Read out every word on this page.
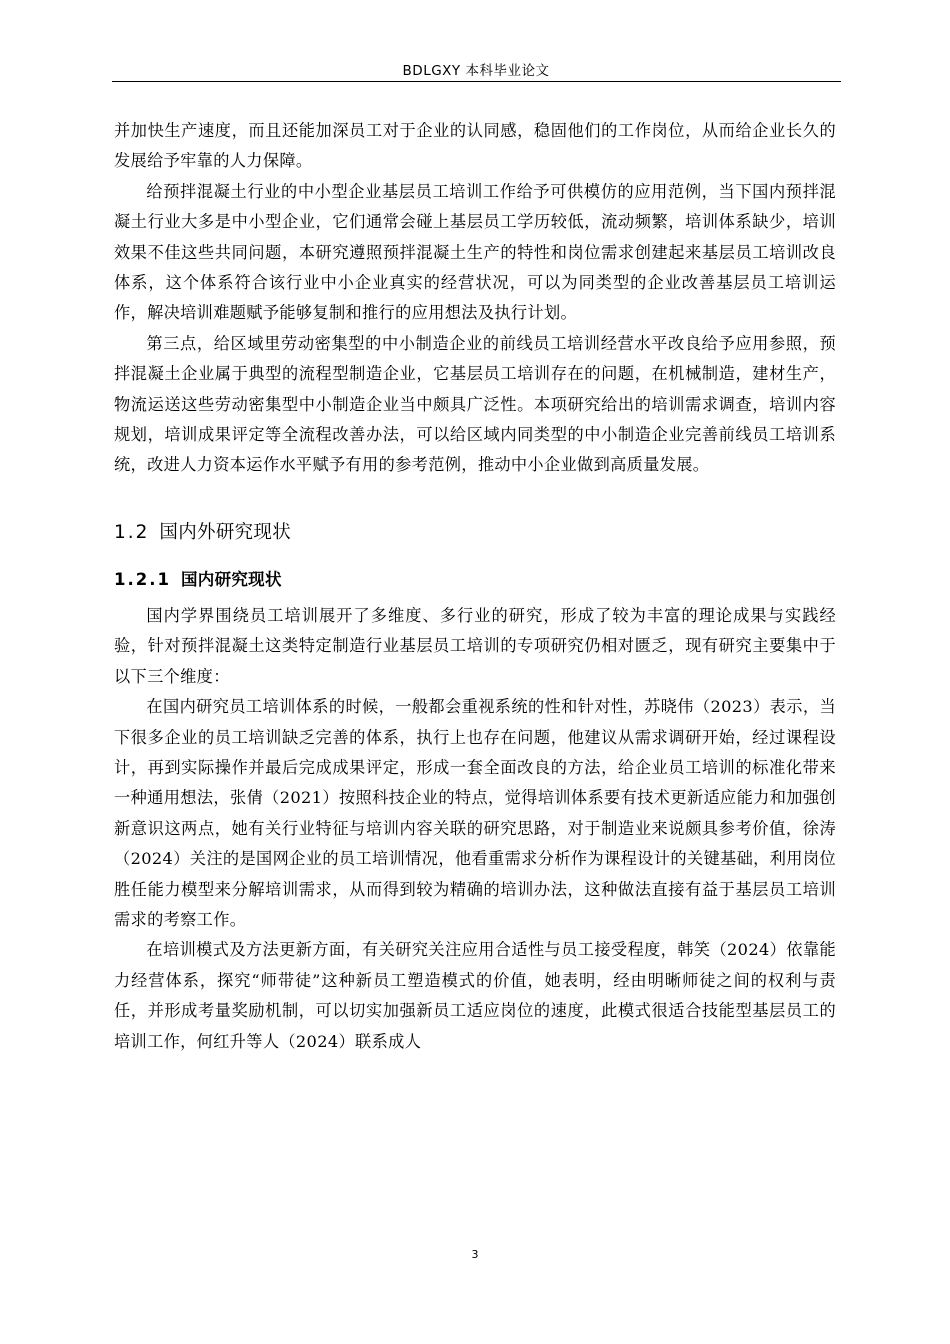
BDLGXY 本科毕业论文

并加快生产速度，而且还能加深员工对于企业的认同感，稳固他们的工作岗位，从而给企业长久的发展给予牢靠的人力保障。

给预拌混凝土行业的中小型企业基层员工培训工作给予可供模仿的应用范例，当下国内预拌混凝土行业大多是中小型企业，它们通常会碰上基层员工学历较低，流动频繁，培训体系缺少，培训效果不佳这些共同问题，本研究遵照预拌混凝土生产的特性和岗位需求创建起来基层员工培训改良体系，这个体系符合该行业中小企业真实的经营状况，可以为同类型的企业改善基层员工培训运作，解决培训难题赋予能够复制和推行的应用想法及执行计划。

第三点，给区域里劳动密集型的中小制造企业的前线员工培训经营水平改良给予应用参照，预拌混凝土企业属于典型的流程型制造企业，它基层员工培训存在的问题，在机械制造，建材生产，物流运送这些劳动密集型中小制造企业当中颇具广泛性。本项研究给出的培训需求调查，培训内容规划，培训成果评定等全流程改善办法，可以给区域内同类型的中小制造企业完善前线员工培训系统，改进人力资本运作水平赋予有用的参考范例，推动中小企业做到高质量发展。

1.2 国内外研究现状
1.2.1 国内研究现状

国内学界围绕员工培训展开了多维度、多行业的研究，形成了较为丰富的理论成果与实践经验，针对预拌混凝土这类特定制造行业基层员工培训的专项研究仍相对匮乏，现有研究主要集中于以下三个维度：

在国内研究员工培训体系的时候，一般都会重视系统的性和针对性，苏晓伟（2023）表示，当下很多企业的员工培训缺乏完善的体系，执行上也存在问题，他建议从需求调研开始，经过课程设计，再到实际操作并最后完成成果评定，形成一套全面改良的方法，给企业员工培训的标准化带来一种通用想法，张倩（2021）按照科技企业的特点，觉得培训体系要有技术更新适应能力和加强创新意识这两点，她有关行业特征与培训内容关联的研究思路，对于制造业来说颇具参考价值，徐涛（2024）关注的是国网企业的员工培训情况，他看重需求分析作为课程设计的关键基础，利用岗位胜任能力模型来分解培训需求，从而得到较为精确的培训办法，这种做法直接有益于基层员工培训需求的考察工作。

在培训模式及方法更新方面，有关研究关注应用合适性与员工接受程度，韩笑（2024）依靠能力经营体系，探究“师带徒”这种新员工塑造模式的价值，她表明，经由明晰师徒之间的权利与责任，并形成考量奖励机制，可以切实加强新员工适应岗位的速度，此模式很适合技能型基层员工的培训工作，何红升等人（2024）联系成人

3
